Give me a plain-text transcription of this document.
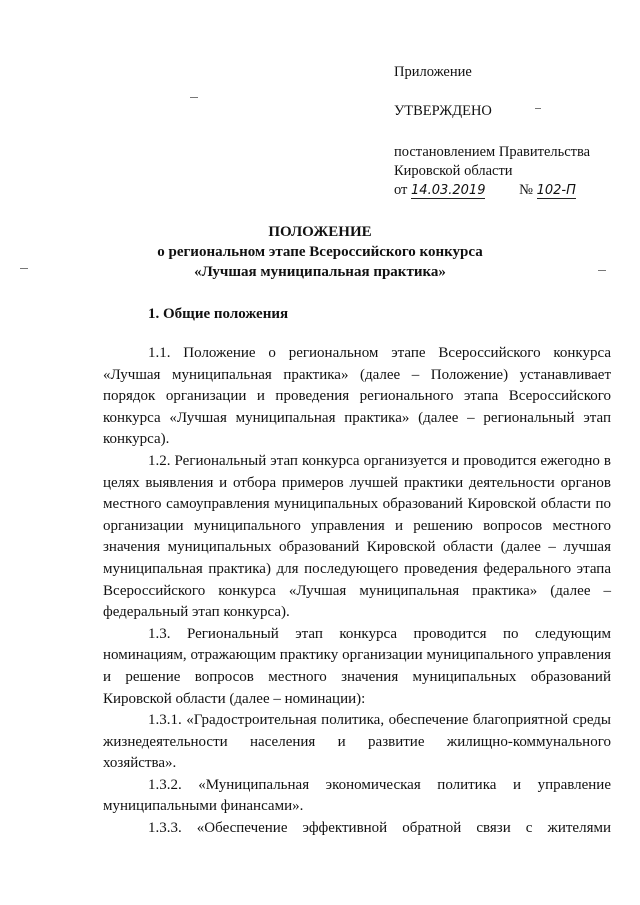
Приложение
УТВЕРЖДЕНО
постановлением Правительства
Кировской области
от 14.03.2019 № 102-П
ПОЛОЖЕНИЕ
о региональном этапе Всероссийского конкурса
«Лучшая муниципальная практика»
1. Общие положения

1.1. Положение о региональном этапе Всероссийского конкурса «Лучшая муниципальная практика» (далее – Положение) устанавливает порядок организации и проведения регионального этапа Всероссийского конкурса «Лучшая муниципальная практика» (далее – региональный этап конкурса).

1.2. Региональный этап конкурса организуется и проводится ежегодно в целях выявления и отбора примеров лучшей практики деятельности органов местного самоуправления муниципальных образований Кировской области по организации муниципального управления и решению вопросов местного значения муниципальных образований Кировской области (далее – лучшая муниципальная практика) для последующего проведения федерального этапа Всероссийского конкурса «Лучшая муниципальная практика» (далее – федеральный этап конкурса).

1.3. Региональный этап конкурса проводится по следующим номинациям, отражающим практику организации муниципального управления и решение вопросов местного значения муниципальных образований Кировской области (далее – номинации):

1.3.1. «Градостроительная политика, обеспечение благоприятной среды жизнедеятельности населения и развитие жилищно-коммунального хозяйства».

1.3.2. «Муниципальная экономическая политика и управление муниципальными финансами».

1.3.3. «Обеспечение эффективной обратной связи с жителями
